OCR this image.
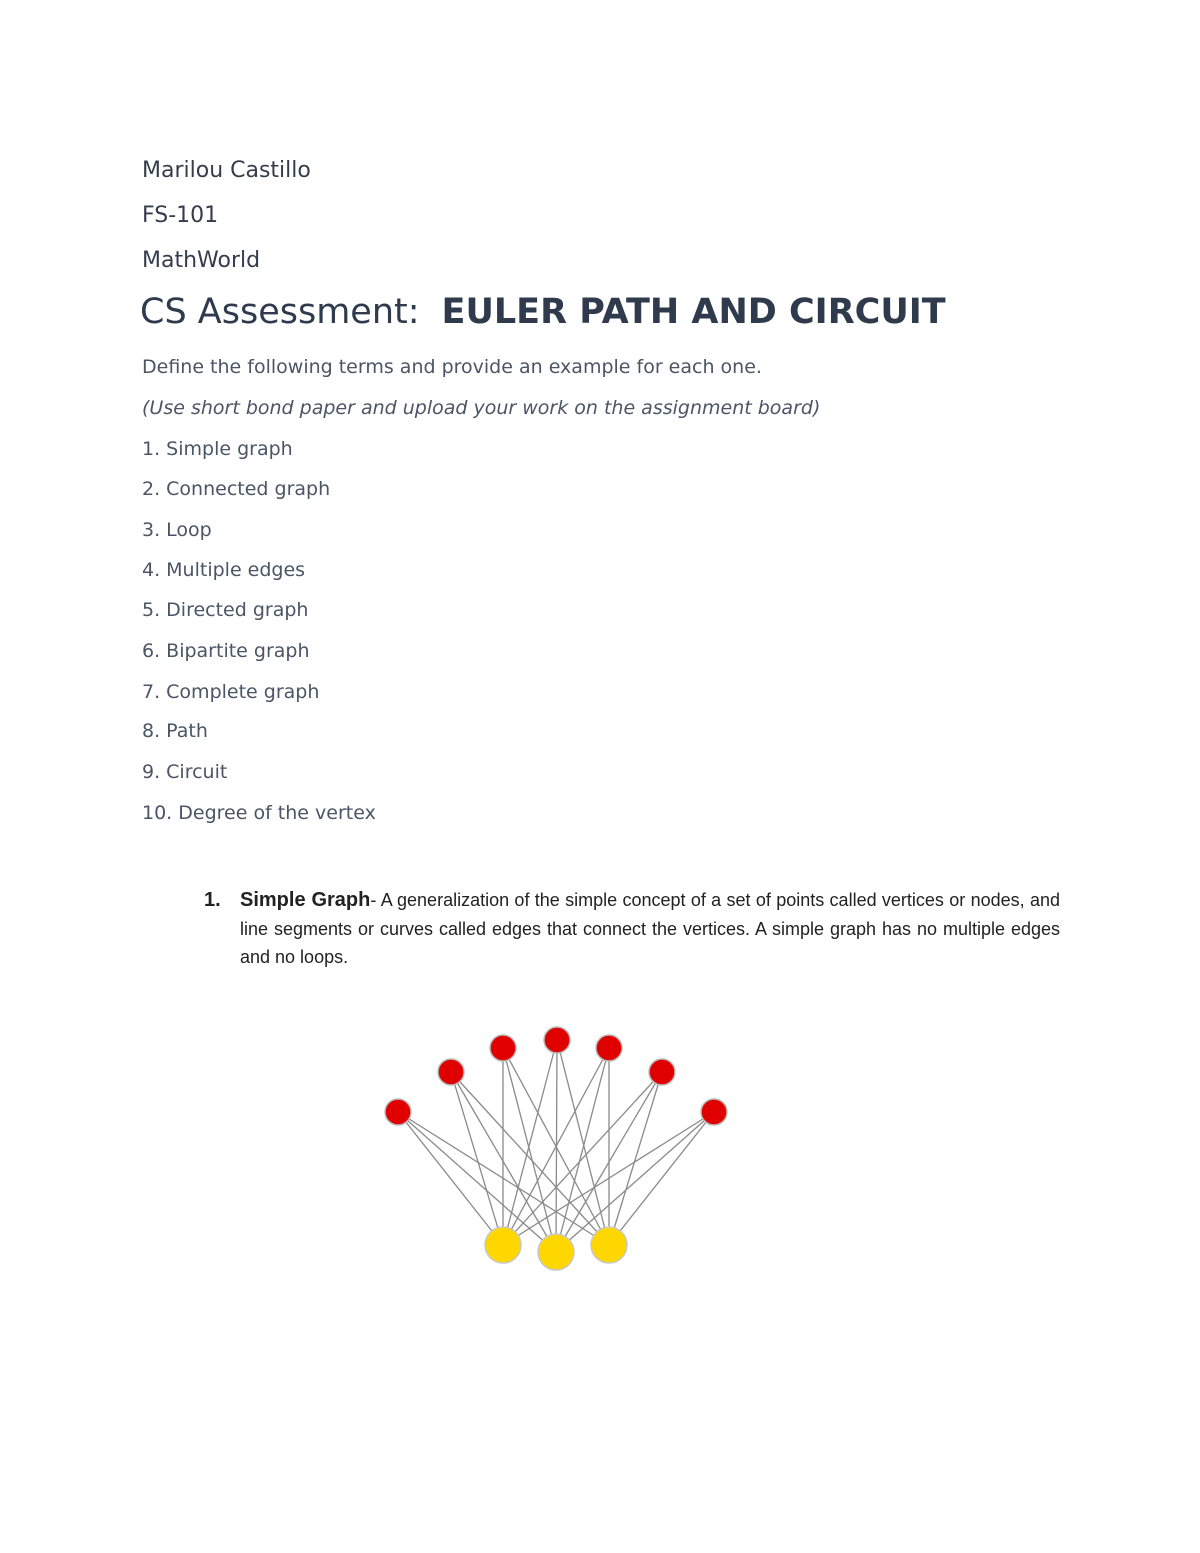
Marilou Castillo

FS-101

MathWorld

CS Assessment: EULER PATH AND CIRCUIT

Define the following terms and provide an example for each one.

(Use short bond paper and upload your work on the assignment board)

1. Simple graph

2. Connected graph

3. Loop

4. Multiple edges

5. Directed graph

6. Bipartite graph

7. Complete graph

8. Path

9. Circuit

10. Degree of the vertex

1. Simple Graph- A generalization of the simple concept of a set of points called vertices or nodes, and line segments or curves called edges that connect the vertices. A simple graph has no multiple edges and no loops.
